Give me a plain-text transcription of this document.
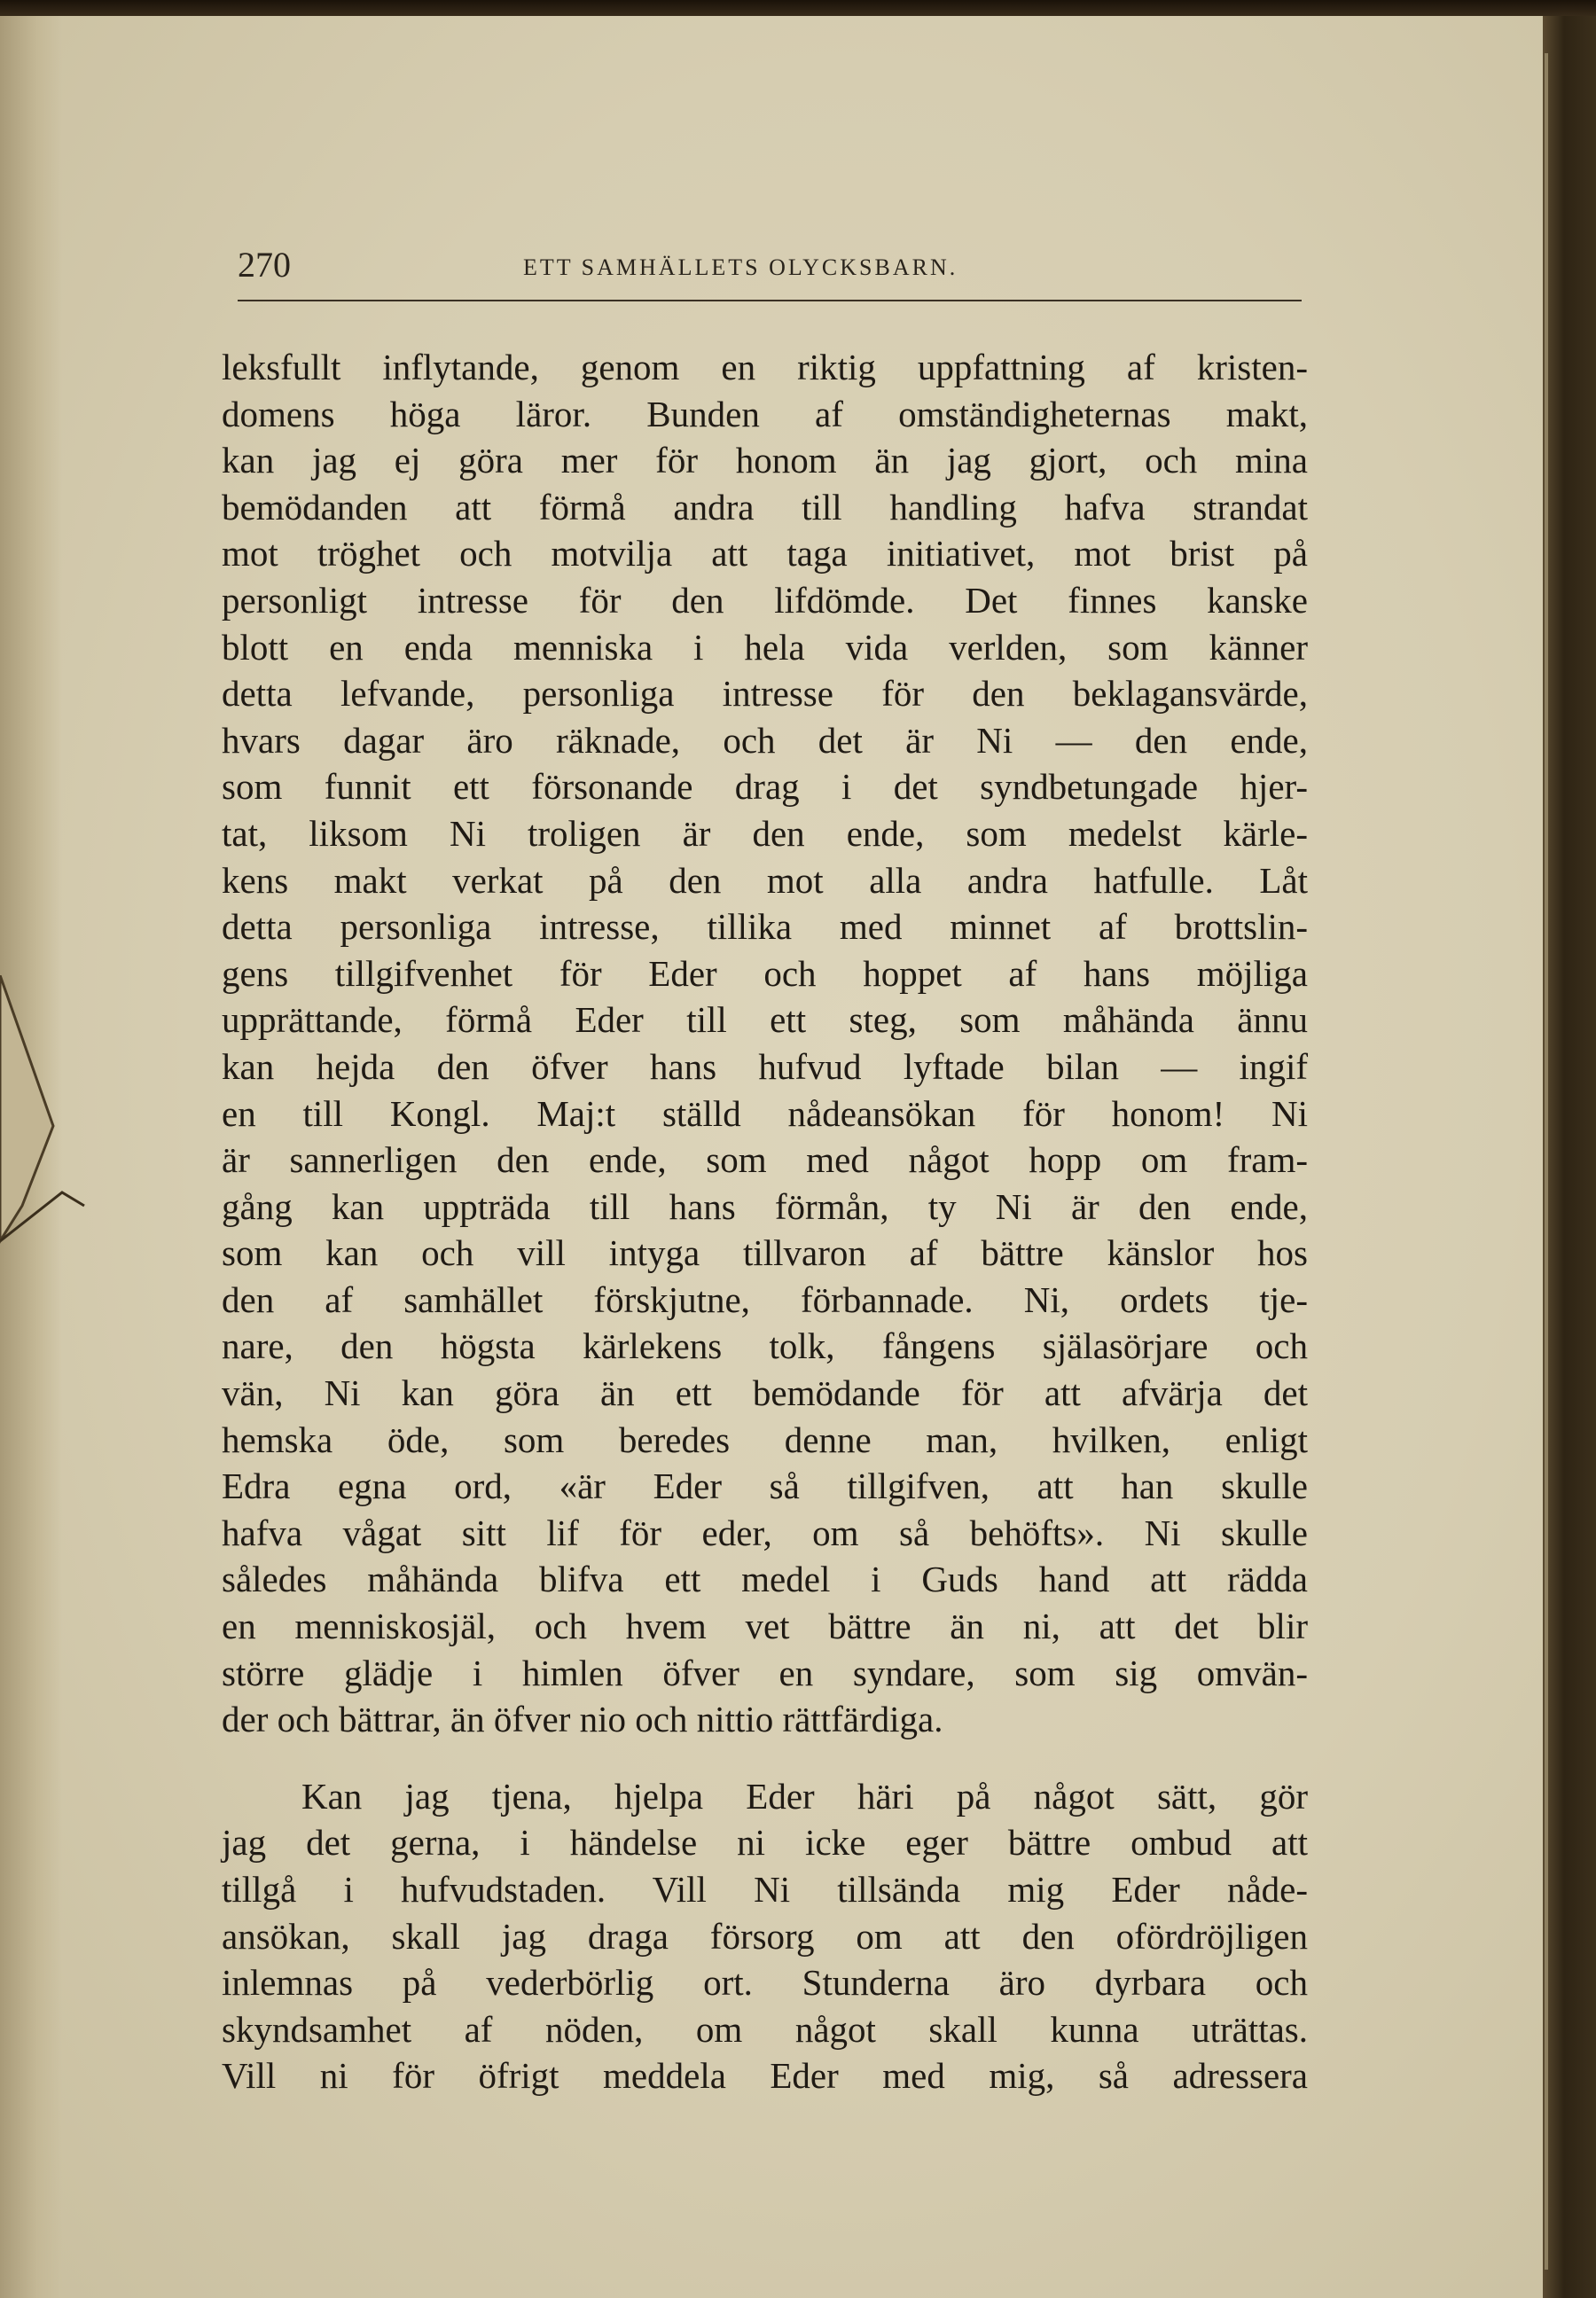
270	ETT SAMHÄLLETS OLYCKSBARN.
leksfullt inflytande, genom en riktig uppfattning af kristen-
domens höga läror. Bunden af omständigheternas makt,
kan jag ej göra mer för honom än jag gjort, och mina
bemödanden att förmå andra till handling hafva strandat
mot tröghet och motvilja att taga initiativet, mot brist på
personligt intresse för den lifdömde. Det finnes kanske
blott en enda menniska i hela vida verlden, som känner
detta lefvande, personliga intresse för den beklagansvärde,
hvars dagar äro räknade, och det är Ni — den ende,
som funnit ett försonande drag i det syndbetungade hjer-
tat, liksom Ni troligen är den ende, som medelst kärle-
kens makt verkat på den mot alla andra hatfulle. Låt
detta personliga intresse, tillika med minnet af brottslin-
gens tillgifvenhet för Eder och hoppet af hans möjliga
upprättande, förmå Eder till ett steg, som måhända ännu
kan hejda den öfver hans hufvud lyftade bilan — ingif
en till Kongl. Maj:t ställd nådeansökan för honom! Ni
är sannerligen den ende, som med något hopp om fram-
gång kan uppträda till hans förmån, ty Ni är den ende,
som kan och vill intyga tillvaron af bättre känslor hos
den af samhället förskjutne, förbannade. Ni, ordets tje-
nare, den högsta kärlekens tolk, fångens själasörjare och
vän, Ni kan göra än ett bemödande för att afvärja det
hemska öde, som beredes denne man, hvilken, enligt
Edra egna ord, «är Eder så tillgifven, att han skulle
hafva vågat sitt lif för eder, om så behöfts». Ni skulle
således måhända blifva ett medel i Guds hand att rädda
en menniskosjäl, och hvem vet bättre än ni, att det blir
större glädje i himlen öfver en syndare, som sig omvän-
der och bättrar, än öfver nio och nittio rättfärdiga.
Kan jag tjena, hjelpa Eder häri på något sätt, gör
jag det gerna, i händelse ni icke eger bättre ombud att
tillgå i hufvudstaden. Vill Ni tillsända mig Eder nåde-
ansökan, skall jag draga försorg om att den ofördröjligen
inlemnas på vederbörlig ort. Stunderna äro dyrbara och
skyndsamhet af nöden, om något skall kunna uträttas.
Vill ni för öfrigt meddela Eder med mig, så adressera
